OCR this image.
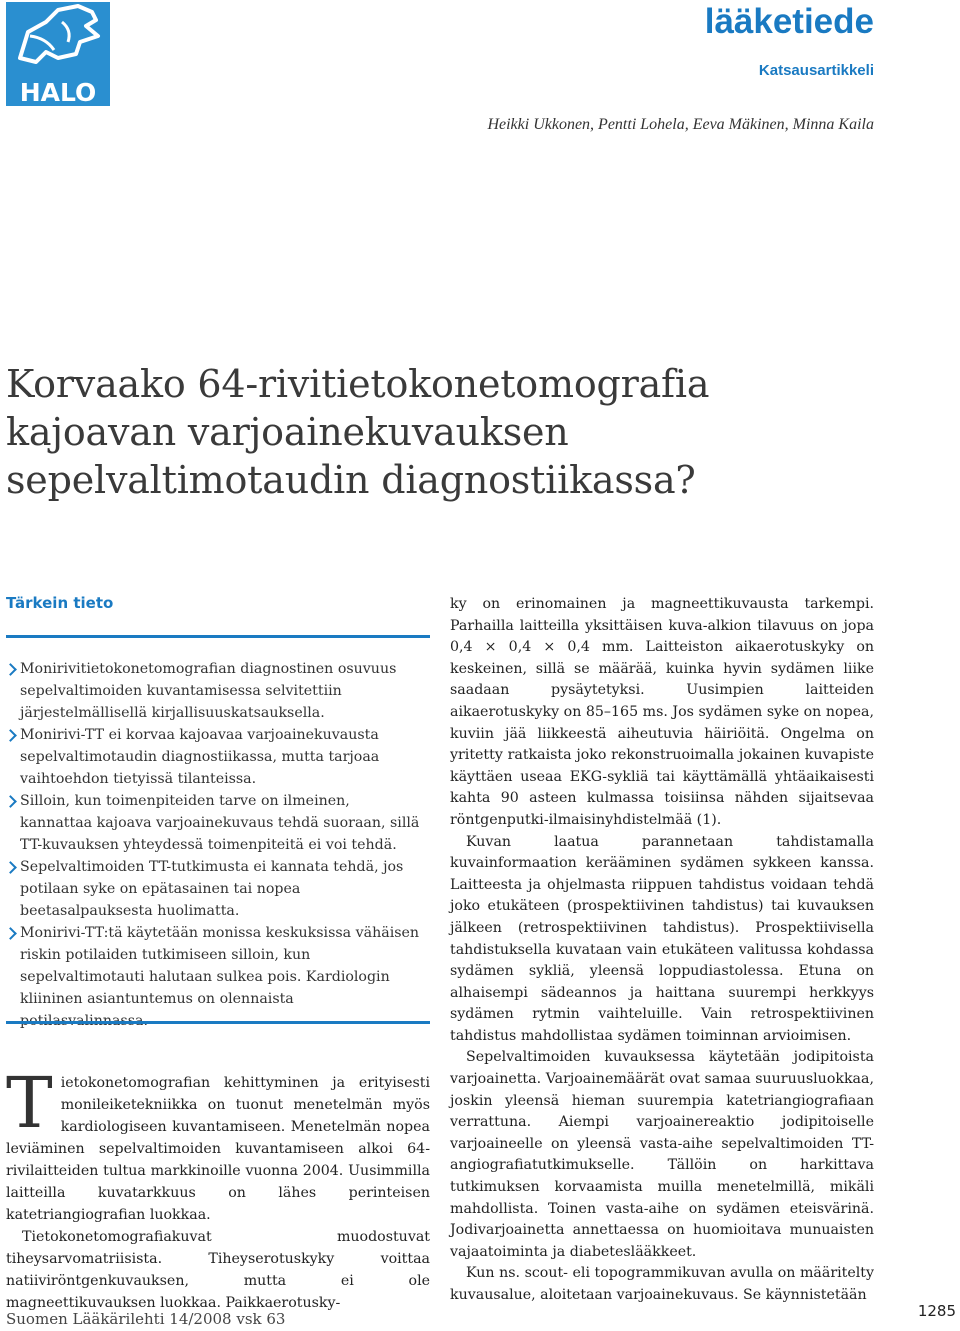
HALO
lääketiede
Katsausartikkeli
Heikki Ukkonen, Pentti Lohela, Eeva Mäkinen, Minna Kaila
Korvaako 64-rivitietokonetomografia
kajoavan varjoainekuvauksen
sepelvaltimotaudin diagnostiikassa?
Tärkein tieto
Monirivitietokonetomografian diagnostinen osuvuus sepelvaltimoiden kuvantamisessa selvitettiin järjestelmällisellä kirjallisuuskatsauksella.
Monirivi-TT ei korvaa kajoavaa varjoainekuvausta sepelvaltimotaudin diagnostiikassa, mutta tarjoaa vaihtoehdon tietyissä tilanteissa.
Silloin, kun toimenpiteiden tarve on ilmeinen, kannattaa kajoava varjoainekuvaus tehdä suoraan, sillä TT-kuvauksen yhteydessä toimenpiteitä ei voi tehdä.
Sepelvaltimoiden TT-tutkimusta ei kannata tehdä, jos potilaan syke on epätasainen tai nopea beetasalpauksesta huolimatta.
Monirivi-TT:tä käytetään monissa keskuksissa vähäisen riskin potilaiden tutkimiseen silloin, kun sepelvaltimotauti halutaan sulkea pois. Kardiologin kliininen asiantuntemus on olennaista

Tietokonetomografian kehittyminen ja erityisesti monileiketekniikka on tuonut menetelmän myös kardiologiseen kuvantamiseen. Menetelmän nopea leviäminen sepelvaltimoiden kuvantamiseen alkoi 64-rivilaitteiden tultua markkinoille vuonna 2004. Uusimmilla laitteilla kuvatarkkuus on lähes perinteisen katetriangiografian luokkaa.

Tietokonetomografiakuvat muodostuvat tiheysarvomatriisista. Tiheyserotuskyky voittaa natiiviröntgenkuvauksen, mutta ei ole magneettikuvauksen luokkaa. Paikkaerotusky-

ky on erinomainen ja magneettikuvausta tarkempi. Parhailla laitteilla yksittäisen kuva-alkion tilavuus on jopa 0,4 × 0,4 × 0,4 mm. Laitteiston aikaerotuskyky on keskeinen, sillä se määrää, kuinka hyvin sydämen liike saadaan pysäytetyksi. Uusimpien laitteiden aikaerotuskyky on 85–165 ms. Jos sydämen syke on nopea, kuviin jää liikkeestä aiheutuvia häiriöitä. Ongelma on yritetty ratkaista joko rekonstruoimalla jokainen kuvapiste käyttäen useaa EKG-sykliä tai käyttämällä yhtäaikaisesti kahta 90 asteen kulmassa toisiinsa nähden sijaitsevaa röntgenputki-ilmaisinyhdistelmää (1).

Kuvan laatua parannetaan tahdistamalla kuvainformaation kerääminen sydämen sykkeen kanssa. Laitteesta ja ohjelmasta riippuen tahdistus voidaan tehdä joko etukäteen (prospektiivinen tahdistus) tai kuvauksen jälkeen (retrospektiivinen tahdistus). Prospektiivisella tahdistuksella kuvataan vain etukäteen valitussa kohdassa sydämen sykliä, yleensä loppudiastolessa. Etuna on alhaisempi sädeannos ja haittana suurempi herkkyys sydämen rytmin vaihteluille. Vain retrospektiivinen tahdistus mahdollistaa sydämen toiminnan arvioimisen.

Sepelvaltimoiden kuvauksessa käytetään jodipitoista varjoainetta. Varjoainemäärät ovat samaa suuruusluokkaa, joskin yleensä hieman suurempia katetriangiografiaan verrattuna. Aiempi varjoainereaktio jodipitoiselle varjoaineelle on yleensä vasta-aihe sepelvaltimoiden TT-angiografiatutkimukselle. Tällöin on harkittava tutkimuksen korvaamista muilla menetelmillä, mikäli mahdollista. Toinen vasta-aihe on sydämen eteisvärinä. Jodivarjoainetta annettaessa on huomioitava munuaisten vajaatoiminta ja diabeteslääkkeet.

Kun ns. scout- eli topogrammikuvan avulla on määritelty kuvausalue, aloitetaan varjoainekuvaus. Se käynnistetään

Suomen Lääkärilehti 14/2008 vsk 63	1285
